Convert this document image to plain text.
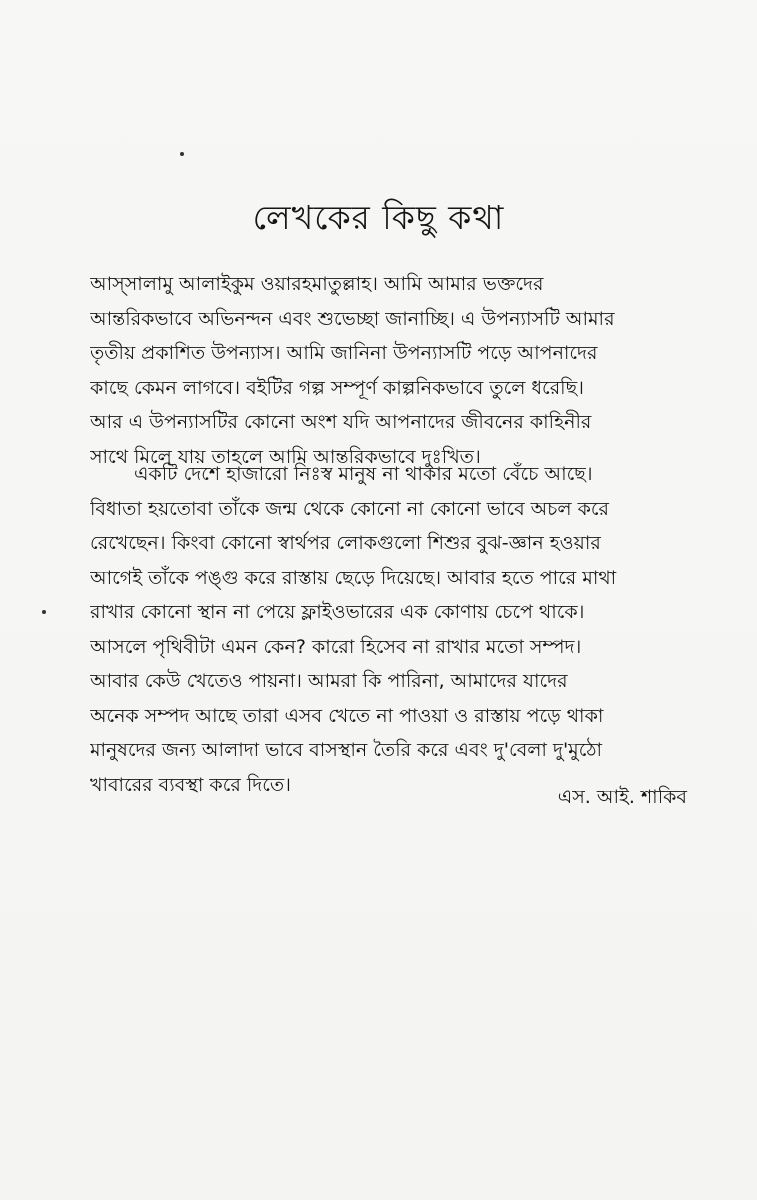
লেখকের কিছু কথা
আস্‌সালামু আলাইকুম ওয়ারহমাতুল্লাহ। আমি আমার ভক্তদের
আন্তরিকভাবে অভিনন্দন এবং শুভেচ্ছা জানাচ্ছি। এ উপন্যাসটি আমার
তৃতীয় প্রকাশিত উপন্যাস। আমি জানিনা উপন্যাসটি পড়ে আপনাদের
কাছে কেমন লাগবে। বইটির গল্প সম্পূর্ণ কাল্পনিকভাবে তুলে ধরেছি।
আর এ উপন্যাসটির কোনো অংশ যদি আপনাদের জীবনের কাহিনীর
সাথে মিলে যায় তাহলে আমি আন্তরিকভাবে দুঃখিত।
একটি দেশে হাজারো নিঃস্ব মানুষ না থাকার মতো বেঁচে আছে।
বিধাতা হয়তোবা তাঁকে জন্ম থেকে কোনো না কোনো ভাবে অচল করে
রেখেছেন। কিংবা কোনো স্বার্থপর লোকগুলো শিশুর বুঝ-জ্ঞান হওয়ার
আগেই তাঁকে পঙ্গু করে রাস্তায় ছেড়ে দিয়েছে। আবার হতে পারে মাথা
রাখার কোনো স্থান না পেয়ে ফ্লাইওভারের এক কোণায় চেপে থাকে।
আসলে পৃথিবীটা এমন কেন? কারো হিসেব না রাখার মতো সম্পদ।
আবার কেউ খেতেও পায়না। আমরা কি পারিনা, আমাদের যাদের
অনেক সম্পদ আছে তারা এসব খেতে না পাওয়া ও রাস্তায় পড়ে থাকা
মানুষদের জন্য আলাদা ভাবে বাসস্থান তৈরি করে এবং দু'বেলা দু'মুঠো
খাবারের ব্যবস্থা করে দিতে।

এস. আই. শাকিব
